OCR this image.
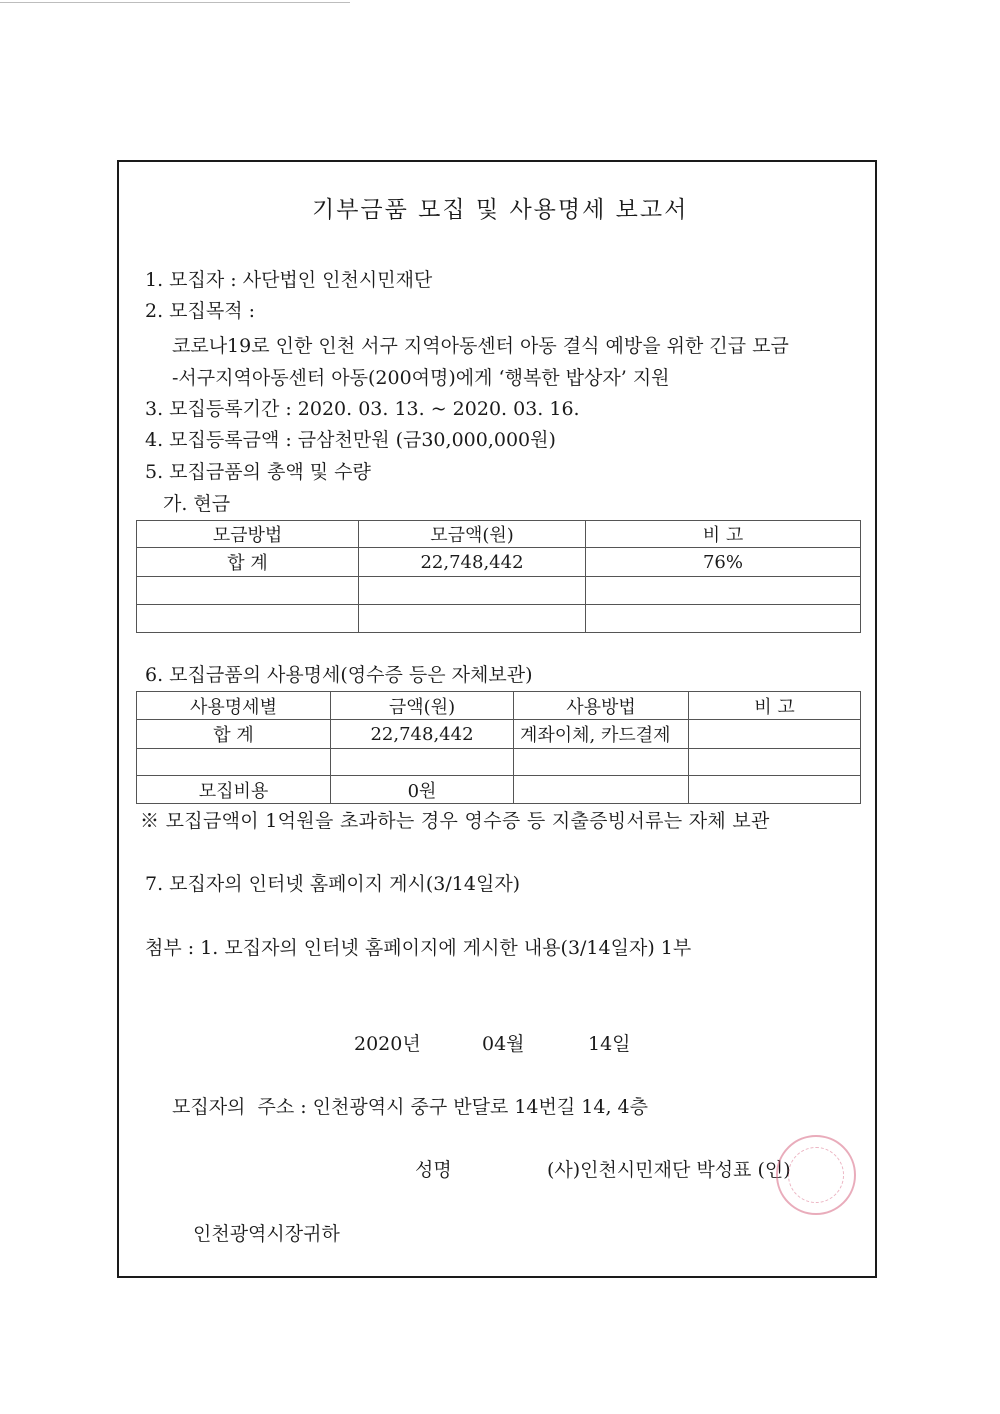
기부금품 모집 및 사용명세 보고서
1. 모집자 : 사단법인 인천시민재단
2. 모집목적 :
코로나19로 인한 인천 서구 지역아동센터 아동 결식 예방을 위한 긴급 모금
-서구지역아동센터 아동(200여명)에게 ‘행복한 밥상자’ 지원
3. 모집등록기간 : 2020. 03. 13. ~ 2020. 03. 16.
4. 모집등록금액 : 금삼천만원 (금30,000,000원)
5. 모집금품의 총액 및 수량
가. 현금
모금방법	모금액(원)	비 고
합 계	22,748,442	76%

6. 모집금품의 사용명세(영수증 등은 자체보관)
사용명세별	금액(원)	사용방법	비 고
합 계	22,748,442	계좌이체, 카드결제	

모집비용	0원		
※ 모집금액이 1억원을 초과하는 경우 영수증 등 지출증빙서류는 자체 보관
7. 모집자의 인터넷 홈페이지 게시(3/14일자)
첨부 : 1. 모집자의 인터넷 홈페이지에 게시한 내용(3/14일자) 1부
2020년	04월	14일
모집자의  주소 : 인천광역시 중구 반달로 14번길 14, 4층
성명	(사)인천시민재단 박성표 (인)
인천광역시장귀하
